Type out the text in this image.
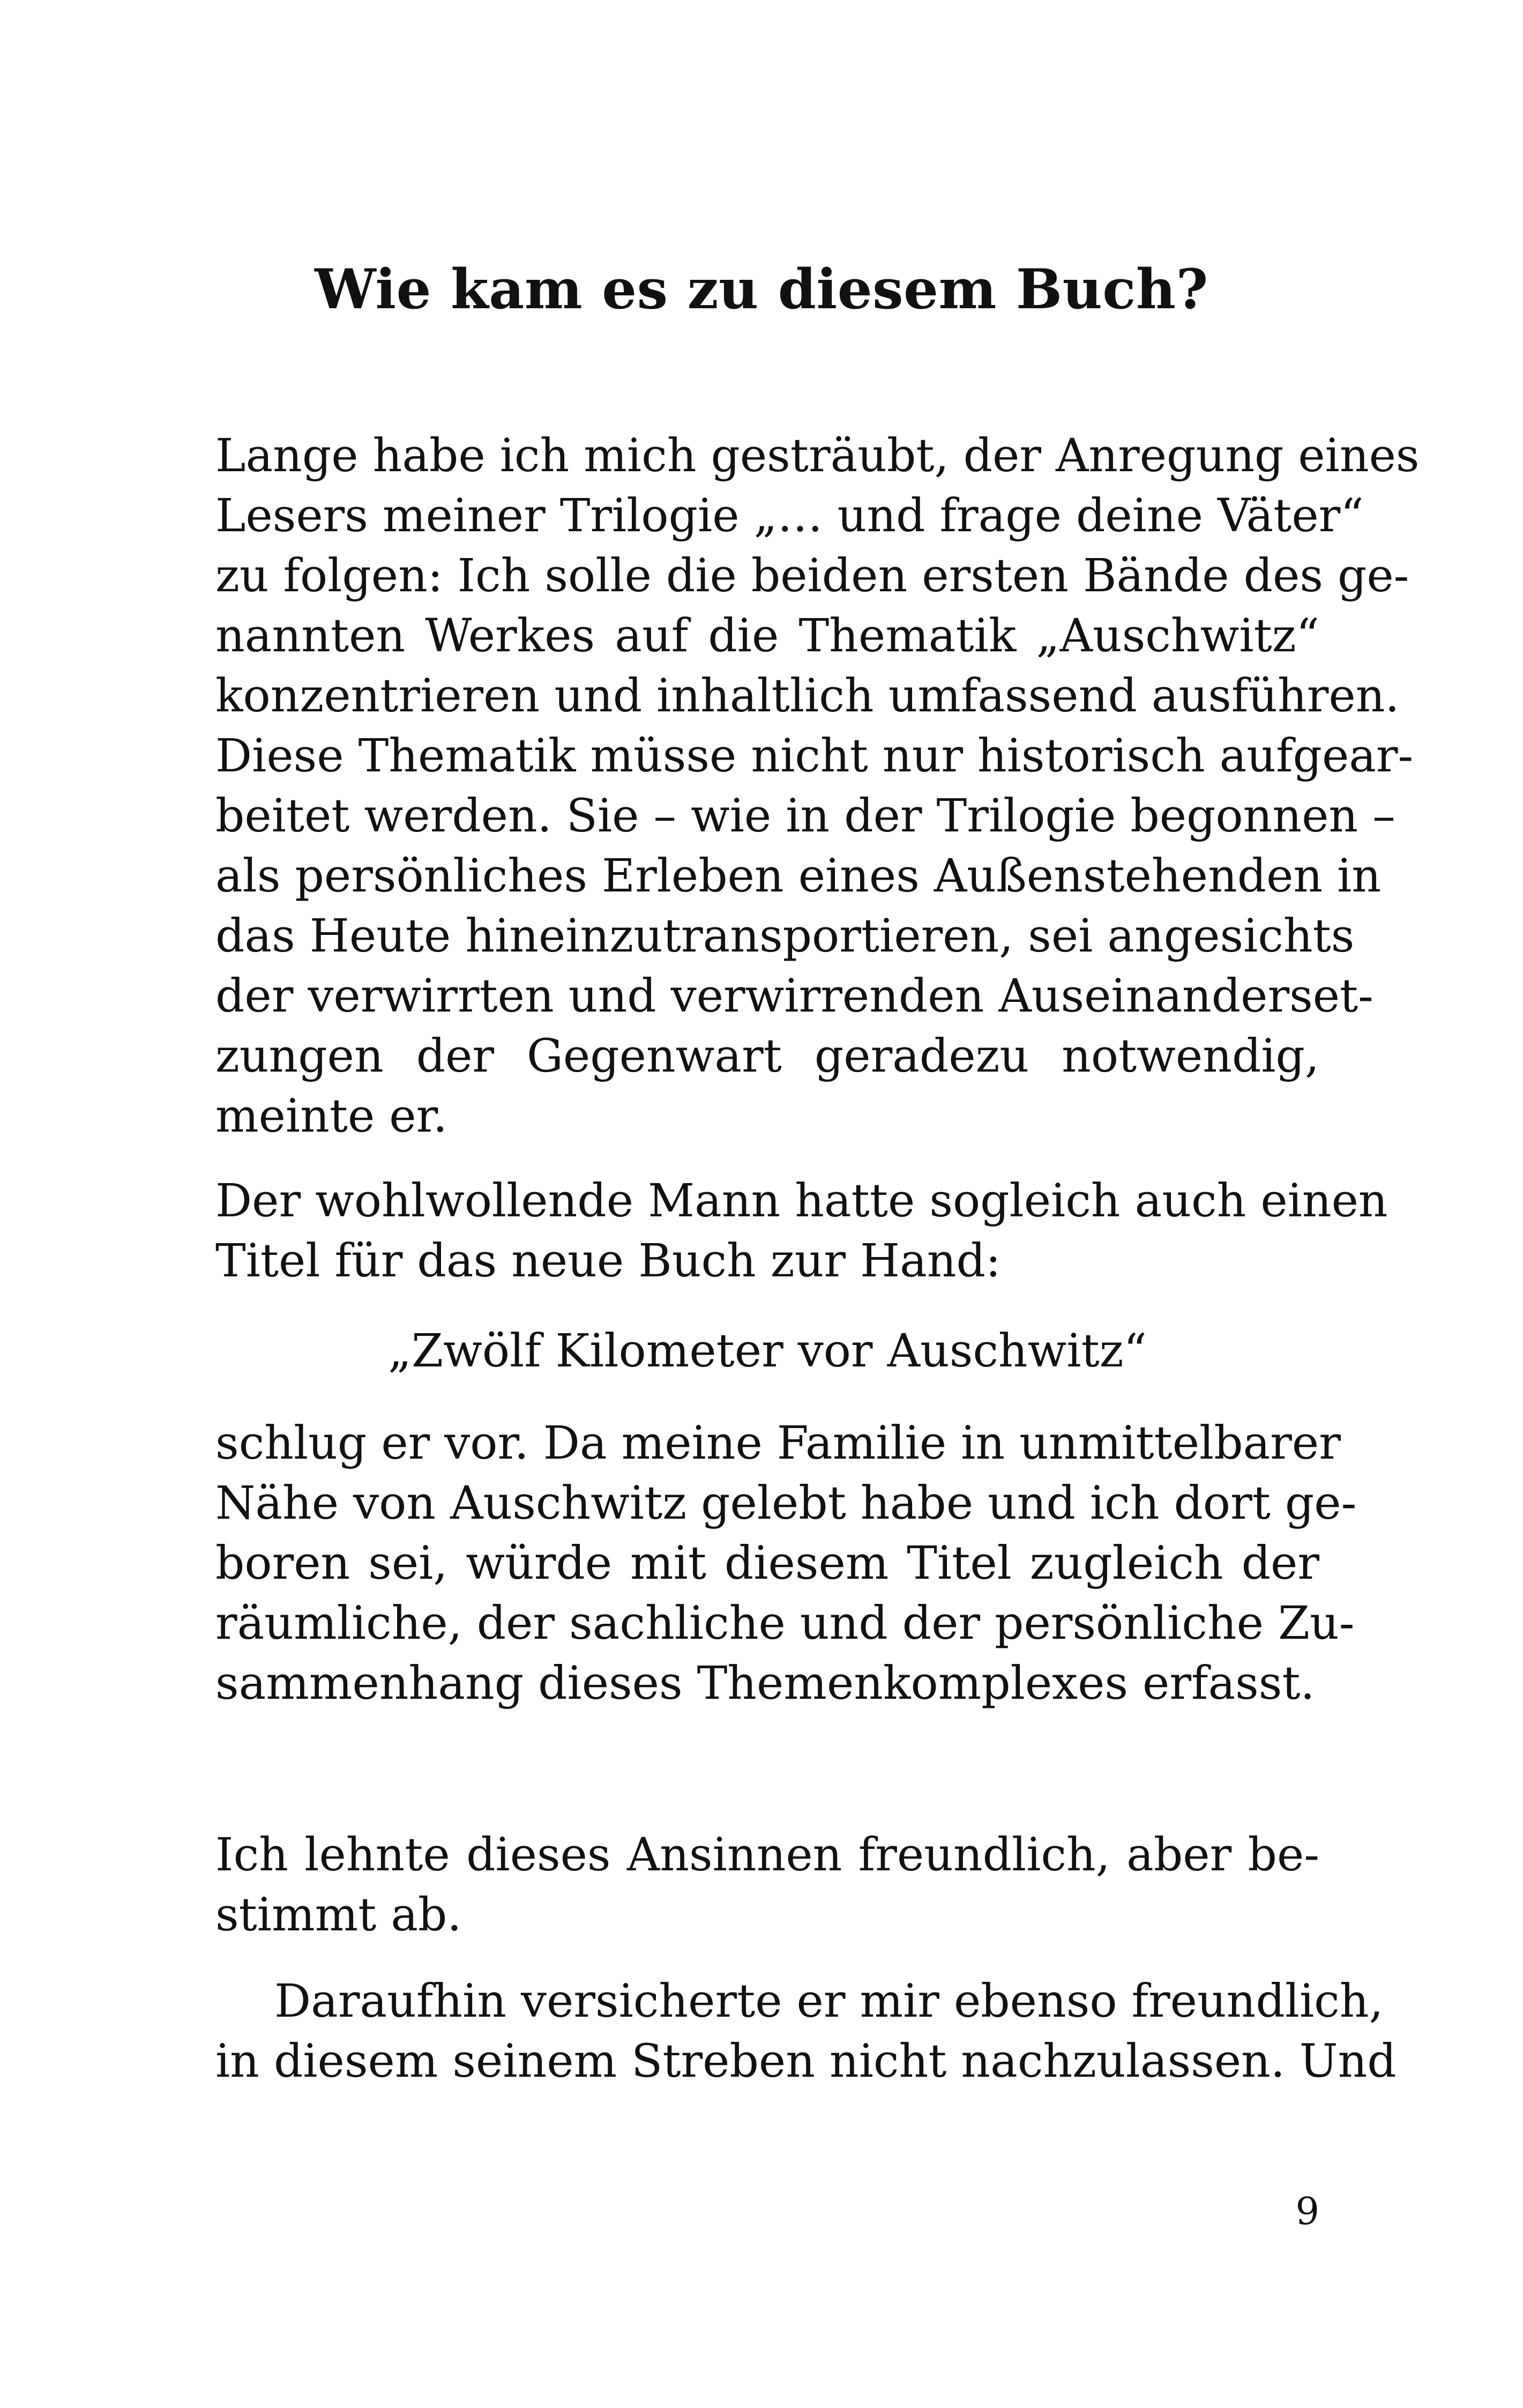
Wie kam es zu diesem Buch?
Lange habe ich mich gesträubt, der Anregung eines
Lesers meiner Trilogie „… und frage deine Väter“
zu folgen: Ich solle die beiden ersten Bände des ge-
nannten Werkes auf die Thematik „Auschwitz“
konzentrieren und inhaltlich umfassend ausführen.
Diese Thematik müsse nicht nur historisch aufgear-
beitet werden. Sie – wie in der Trilogie begonnen –
als persönliches Erleben eines Außenstehenden in
das Heute hineinzutransportieren, sei angesichts
der verwirrten und verwirrenden Auseinanderset-
zungen der Gegenwart geradezu notwendig,
meinte er.
Der wohlwollende Mann hatte sogleich auch einen
Titel für das neue Buch zur Hand:
„Zwölf Kilometer vor Auschwitz“
schlug er vor. Da meine Familie in unmittelbarer
Nähe von Auschwitz gelebt habe und ich dort ge-
boren sei, würde mit diesem Titel zugleich der
räumliche, der sachliche und der persönliche Zu-
sammenhang dieses Themenkomplexes erfasst.
Ich lehnte dieses Ansinnen freundlich, aber be-
stimmt ab.
Daraufhin versicherte er mir ebenso freundlich,
in diesem seinem Streben nicht nachzulassen. Und
9
